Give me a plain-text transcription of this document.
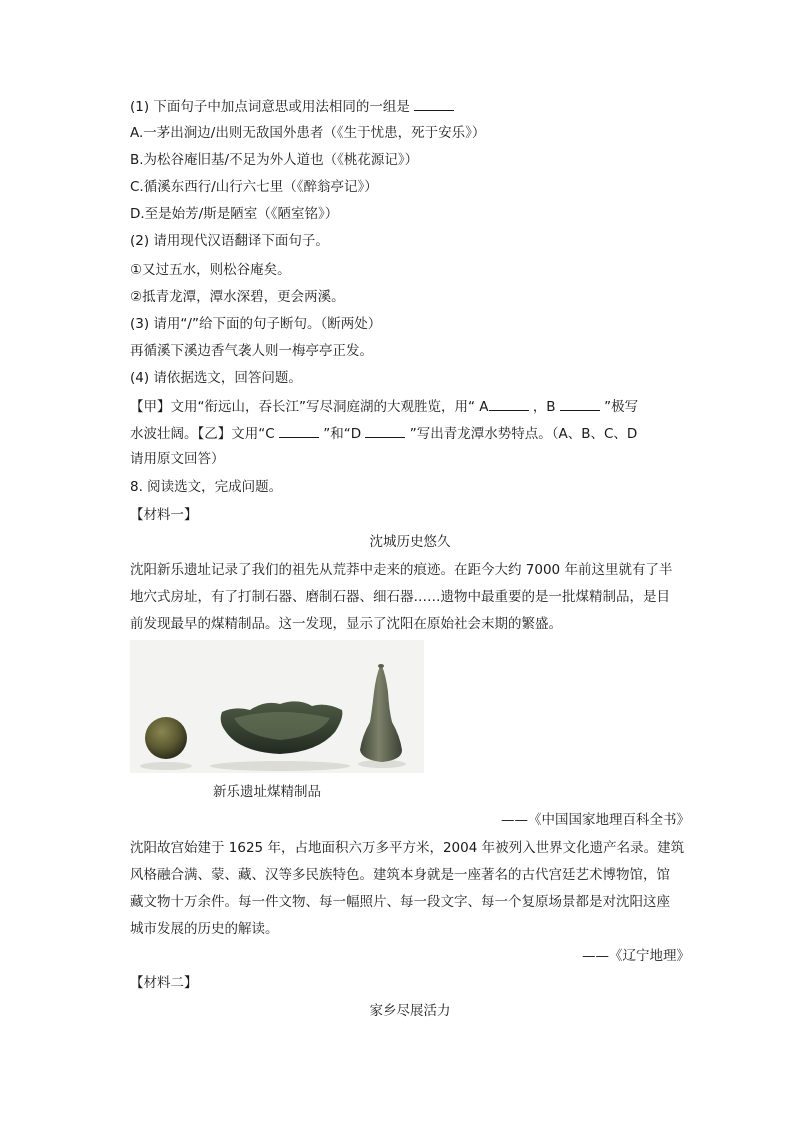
(1) 下面句子中加点词意思或用法相同的一组是
A.一茅出涧边/出则无敌国外患者（《生于忧患，死于安乐》）
B.为松谷庵旧基/不足为外人道也（《桃花源记》）
C.循溪东西行/山行六七里（《醉翁亭记》）
D.至是始芳/斯是陋室（《陋室铭》）
(2) 请用现代汉语翻译下面句子。
①又过五水，则松谷庵矣。
②抵青龙潭，潭水深碧，更会两溪。
(3) 请用“/”给下面的句子断句。（断两处）
再循溪下溪边香气袭人则一梅亭亭正发。
(4) 请依据选文，回答问题。
【甲】文用“衔远山，吞长江”写尽洞庭湖的大观胜览，用“ A	，B	”极写
水波壮阔。【乙】文用“C	”和“D	”写出青龙潭水势特点。（A、B、C、D
请用原文回答）
8. 阅读选文，完成问题。
【材料一】
沈城历史悠久
沈阳新乐遗址记录了我们的祖先从荒莽中走来的痕迹。在距今大约 7000 年前这里就有了半
地穴式房址，有了打制石器、磨制石器、细石器……遗物中最重要的是一批煤精制品，是目
前发现最早的煤精制品。这一发现，显示了沈阳在原始社会末期的繁盛。
新乐遗址煤精制品
——《中国国家地理百科全书》
沈阳故宫始建于 1625 年，占地面积六万多平方米，2004 年被列入世界文化遗产名录。建筑
风格融合满、蒙、藏、汉等多民族特色。建筑本身就是一座著名的古代宫廷艺术博物馆，馆
藏文物十万余件。每一件文物、每一幅照片、每一段文字、每一个复原场景都是对沈阳这座
城市发展的历史的解读。
——《辽宁地理》
【材料二】
家乡尽展活力
